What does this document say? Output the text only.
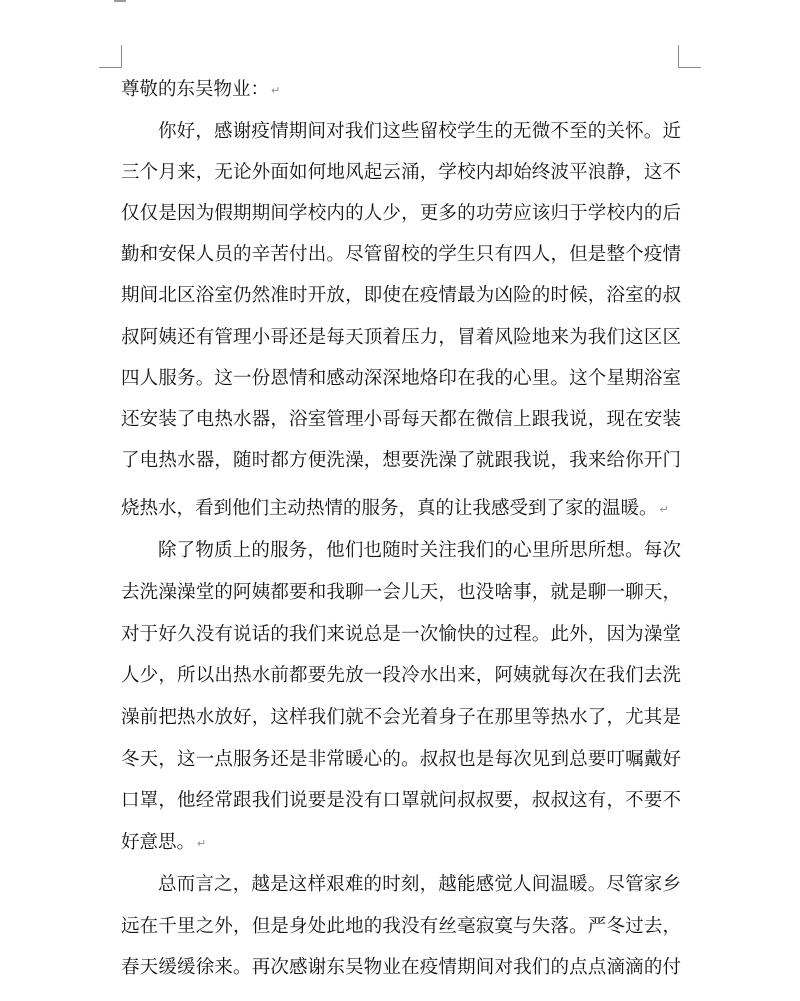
尊敬的东吴物业： ↵
你好，感谢疫情期间对我们这些留校学生的无微不至的关怀。近
三个月来，无论外面如何地风起云涌，学校内却始终波平浪静，这不
仅仅是因为假期期间学校内的人少，更多的功劳应该归于学校内的后
勤和安保人员的辛苦付出。尽管留校的学生只有四人，但是整个疫情
期间北区浴室仍然准时开放，即使在疫情最为凶险的时候，浴室的叔
叔阿姨还有管理小哥还是每天顶着压力，冒着风险地来为我们这区区
四人服务。这一份恩情和感动深深地烙印在我的心里。这个星期浴室
还安装了电热水器，浴室管理小哥每天都在微信上跟我说，现在安装
了电热水器，随时都方便洗澡，想要洗澡了就跟我说，我来给你开门
烧热水，看到他们主动热情的服务，真的让我感受到了家的温暖。 ↵
除了物质上的服务，他们也随时关注我们的心里所思所想。每次
去洗澡澡堂的阿姨都要和我聊一会儿天，也没啥事，就是聊一聊天，
对于好久没有说话的我们来说总是一次愉快的过程。此外，因为澡堂
人少，所以出热水前都要先放一段冷水出来，阿姨就每次在我们去洗
澡前把热水放好，这样我们就不会光着身子在那里等热水了，尤其是
冬天，这一点服务还是非常暖心的。叔叔也是每次见到总要叮嘱戴好
口罩，他经常跟我们说要是没有口罩就问叔叔要，叔叔这有，不要不
好意思。 ↵
总而言之，越是这样艰难的时刻，越能感觉人间温暖。尽管家乡
远在千里之外，但是身处此地的我没有丝毫寂寞与失落。严冬过去，
春天缓缓徐来。再次感谢东吴物业在疫情期间对我们的点点滴滴的付
